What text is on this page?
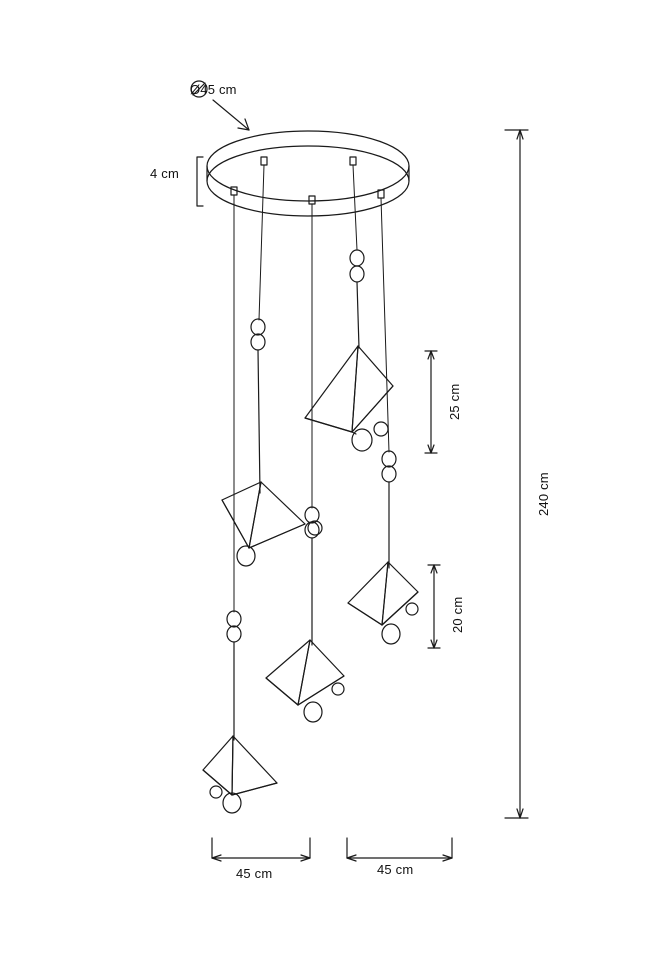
Ø45 cm
4 cm
25 cm
20 cm
240 cm
45 cm	45 cm
